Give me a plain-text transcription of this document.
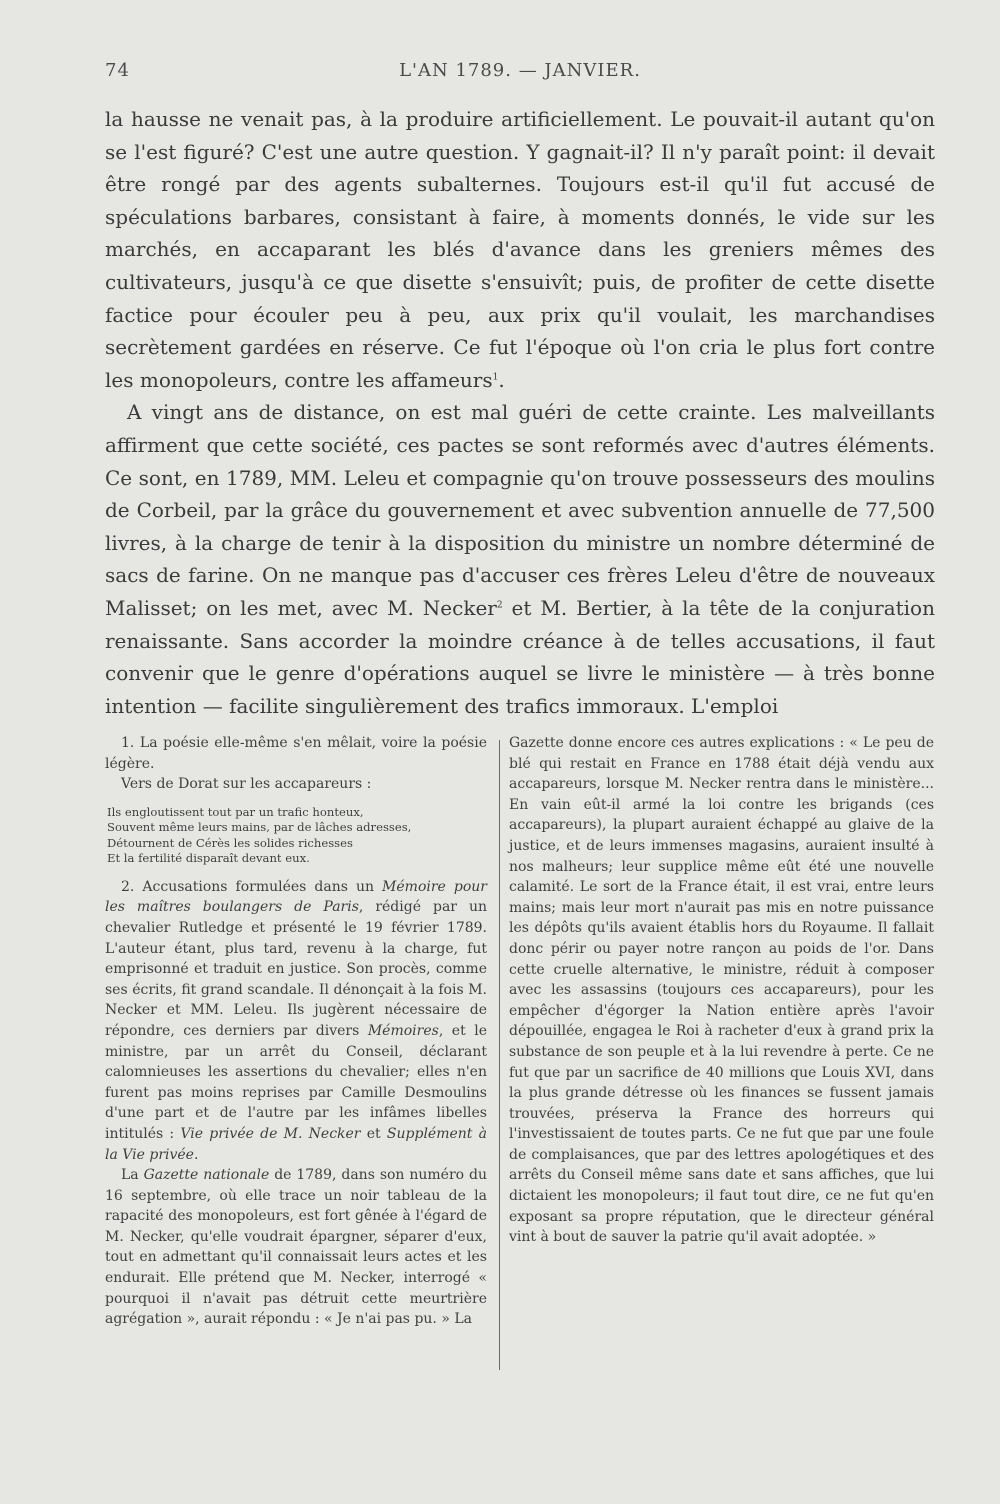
74	L'AN 1789. — JANVIER.

la hausse ne venait pas, à la produire artificiellement. Le pouvait-il autant qu'on se l'est figuré? C'est une autre question. Y gagnait-il? Il n'y paraît point: il devait être rongé par des agents subalternes. Toujours est-il qu'il fut accusé de spéculations barbares, consistant à faire, à moments donnés, le vide sur les marchés, en accaparant les blés d'avance dans les greniers mêmes des cultivateurs, jusqu'à ce que disette s'ensuivît; puis, de profiter de cette disette factice pour écouler peu à peu, aux prix qu'il voulait, les marchandises secrètement gardées en réserve. Ce fut l'époque où l'on cria le plus fort contre les monopoleurs, contre les affameurs$^1$.

A vingt ans de distance, on est mal guéri de cette crainte. Les malveillants affirment que cette société, ces pactes se sont reformés avec d'autres éléments. Ce sont, en 1789, MM. Leleu et compagnie qu'on trouve possesseurs des moulins de Corbeil, par la grâce du gouvernement et avec subvention annuelle de 77,500 livres, à la charge de tenir à la disposition du ministre un nombre déterminé de sacs de farine. On ne manque pas d'accuser ces frères Leleu d'être de nouveaux Malisset; on les met, avec M. Necker$^2$ et M. Bertier, à la tête de la conjuration renaissante. Sans accorder la moindre créance à de telles accusations, il faut convenir que le genre d'opérations auquel se livre le ministère — à très bonne intention — facilite singulièrement des trafics immoraux. L'emploi

1. La poésie elle-même s'en mêlait, voire la poésie légère.

Vers de Dorat sur les accapareurs :

Ils engloutissent tout par un trafic honteux,
Souvent même leurs mains, par de lâches adresses,
Détournent de Cérès les solides richesses
Et la fertilité disparaît devant eux.

2. Accusations formulées dans un Mémoire pour les maîtres boulangers de Paris, rédigé par un chevalier Rutledge et présenté le 19 février 1789. L'auteur étant, plus tard, revenu à la charge, fut emprisonné et traduit en justice. Son procès, comme ses écrits, fit grand scandale. Il dénonçait à la fois M. Necker et MM. Leleu. Ils jugèrent nécessaire de répondre, ces derniers par divers Mémoires, et le ministre, par un arrêt du Conseil, déclarant calomnieuses les assertions du chevalier; elles n'en furent pas moins reprises par Camille Desmoulins d'une part et de l'autre par les infâmes libelles intitulés : Vie privée de M. Necker et Supplément à la Vie privée.

La Gazette nationale de 1789, dans son numéro du 16 septembre, où elle trace un noir tableau de la rapacité des monopoleurs, est fort gênée à l'égard de M. Necker, qu'elle voudrait épargner, séparer d'eux, tout en admettant qu'il connaissait leurs actes et les endurait. Elle prétend que M. Necker, interrogé « pourquoi il n'avait pas détruit cette meurtrière agrégation », aurait répondu : « Je n'ai pas pu. » La

Gazette donne encore ces autres explications : « Le peu de blé qui restait en France en 1788 était déjà vendu aux accapareurs, lorsque M. Necker rentra dans le ministère... En vain eût-il armé la loi contre les brigands (ces accapareurs), la plupart auraient échappé au glaive de la justice, et de leurs immenses magasins, auraient insulté à nos malheurs; leur supplice même eût été une nouvelle calamité. Le sort de la France était, il est vrai, entre leurs mains; mais leur mort n'aurait pas mis en notre puissance les dépôts qu'ils avaient établis hors du Royaume. Il fallait donc périr ou payer notre rançon au poids de l'or. Dans cette cruelle alternative, le ministre, réduit à composer avec les assassins (toujours ces accapareurs), pour les empêcher d'égorger la Nation entière après l'avoir dépouillée, engagea le Roi à racheter d'eux à grand prix la substance de son peuple et à la lui revendre à perte. Ce ne fut que par un sacrifice de 40 millions que Louis XVI, dans la plus grande détresse où les finances se fussent jamais trouvées, préserva la France des horreurs qui l'investissaient de toutes parts. Ce ne fut que par une foule de complaisances, que par des lettres apologétiques et des arrêts du Conseil même sans date et sans affiches, que lui dictaient les monopoleurs; il faut tout dire, ce ne fut qu'en exposant sa propre réputation, que le directeur général vint à bout de sauver la patrie qu'il avait adoptée. »
